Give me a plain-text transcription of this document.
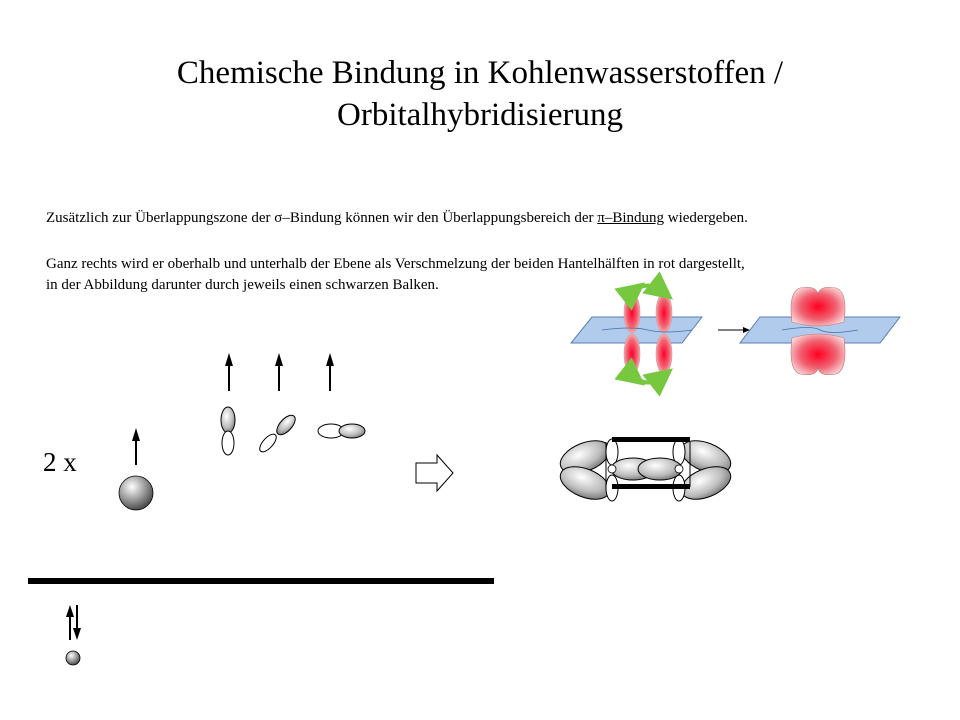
Chemische Bindung in Kohlenwasserstoffen /
Orbitalhybridisierung
Zusätzlich zur Überlappungszone der σ–Bindung können wir den Überlappungsbereich der π–Bindung wiedergeben.
Ganz rechts wird er oberhalb und unterhalb der Ebene als Verschmelzung der beiden Hantelhälften in rot dargestellt,
in der Abbildung darunter durch jeweils einen schwarzen Balken.
2 x
